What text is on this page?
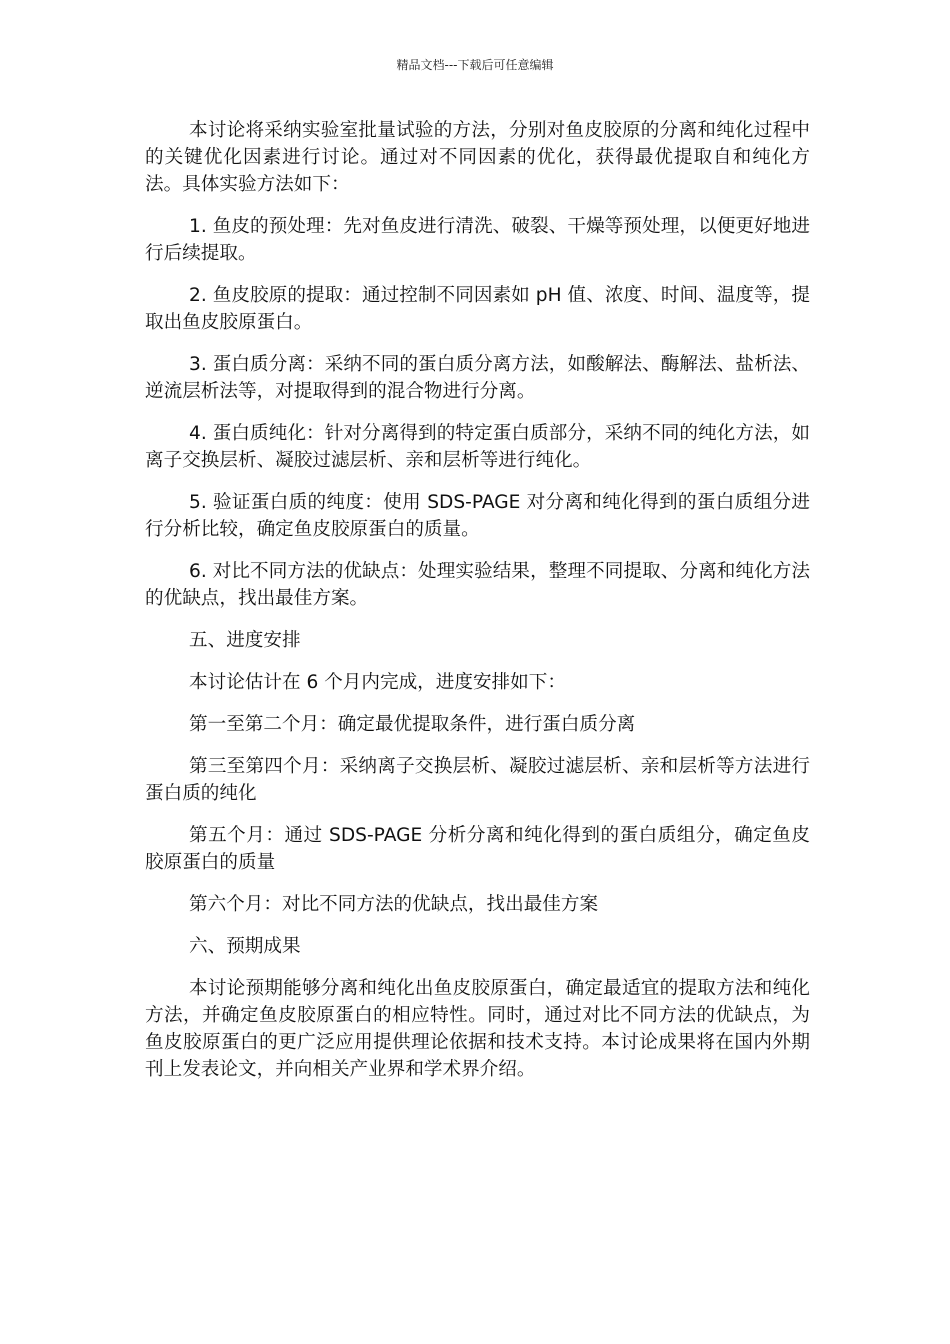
精品文档---下载后可任意编辑

本讨论将采纳实验室批量试验的方法，分别对鱼皮胶原的分离和纯化过程中的关键优化因素进行讨论。通过对不同因素的优化，获得最优提取自和纯化方法。具体实验方法如下：

1. 鱼皮的预处理：先对鱼皮进行清洗、破裂、干燥等预处理，以便更好地进行后续提取。

2. 鱼皮胶原的提取：通过控制不同因素如 pH 值、浓度、时间、温度等，提取出鱼皮胶原蛋白。

3. 蛋白质分离：采纳不同的蛋白质分离方法，如酸解法、酶解法、盐析法、逆流层析法等，对提取得到的混合物进行分离。

4. 蛋白质纯化：针对分离得到的特定蛋白质部分，采纳不同的纯化方法，如离子交换层析、凝胶过滤层析、亲和层析等进行纯化。

5. 验证蛋白质的纯度：使用 SDS-PAGE 对分离和纯化得到的蛋白质组分进行分析比较，确定鱼皮胶原蛋白的质量。

6. 对比不同方法的优缺点：处理实验结果，整理不同提取、分离和纯化方法的优缺点，找出最佳方案。

五、进度安排

本讨论估计在 6 个月内完成，进度安排如下：

第一至第二个月：确定最优提取条件，进行蛋白质分离

第三至第四个月：采纳离子交换层析、凝胶过滤层析、亲和层析等方法进行蛋白质的纯化

第五个月：通过 SDS-PAGE 分析分离和纯化得到的蛋白质组分，确定鱼皮胶原蛋白的质量

第六个月：对比不同方法的优缺点，找出最佳方案

六、预期成果

本讨论预期能够分离和纯化出鱼皮胶原蛋白，确定最适宜的提取方法和纯化方法，并确定鱼皮胶原蛋白的相应特性。同时，通过对比不同方法的优缺点，为鱼皮胶原蛋白的更广泛应用提供理论依据和技术支持。本讨论成果将在国内外期刊上发表论文，并向相关产业界和学术界介绍。
